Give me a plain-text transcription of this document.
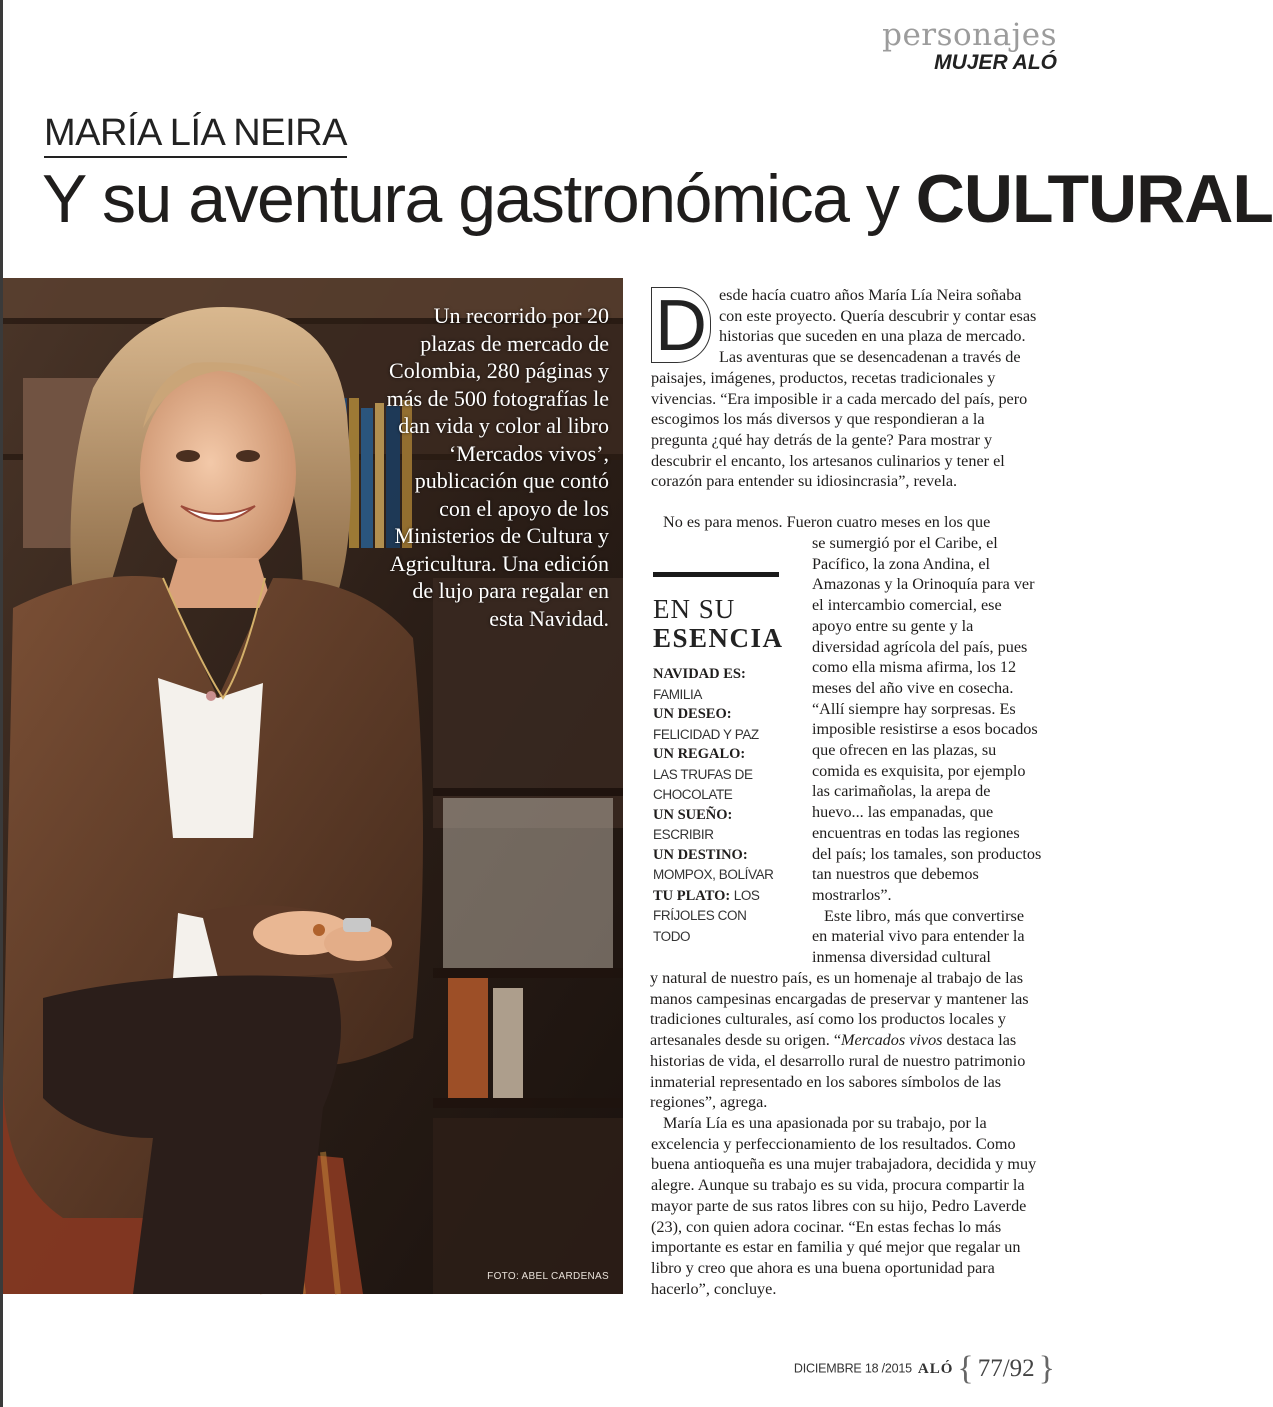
personajes
MUJER ALÓ
MARÍA LÍA NEIRA
Y su aventura gastronómica y CULTURAL
Un recorrido por 20 plazas de mercado de Colombia, 280 páginas y más de 500 fotografías le dan vida y color al libro ‘Mercados vivos’, publicación que contó con el apoyo de los Ministerios de Cultura y Agricultura. Una edición de lujo para regalar en esta Navidad.
FOTO: ABEL CARDENAS
D esde hacía cuatro años María Lía Neira soñaba con este proyecto. Quería descubrir y contar esas historias que suceden en una plaza de mercado. Las aventuras que se desencadenan a través de paisajes, imágenes, productos, recetas tradicionales y vivencias. “Era imposible ir a cada mercado del país, pero escogimos los más diversos y que respondieran a la pregunta ¿qué hay detrás de la gente? Para mostrar y descubrir el encanto, los artesanos culinarios y tener el corazón para entender su idiosincrasia”, revela.
No es para menos. Fueron cuatro meses en los que
se sumergió por el Caribe, el Pacífico, la zona Andina, el Amazonas y la Orinoquía para ver el intercambio comercial, ese apoyo entre su gente y la diversidad agrícola del país, pues como ella misma afirma, los 12 meses del año vive en cosecha. “Allí siempre hay sorpresas. Es imposible resistirse a esos bocados que ofrecen en las plazas, su comida es exquisita, por ejemplo las carimañolas, la arepa de huevo... las empanadas, que encuentras en todas las regiones del país; los tamales, son productos tan nuestros que debemos mostrarlos”.
Este libro, más que convertirse en material vivo para entender la inmensa diversidad cultural
y natural de nuestro país, es un homenaje al trabajo de las manos campesinas encargadas de preservar y mantener las tradiciones culturales, así como los productos locales y artesanales desde su origen. “Mercados vivos destaca las historias de vida, el desarrollo rural de nuestro patrimonio inmaterial representado en los sabores símbolos de las regiones”, agrega.
María Lía es una apasionada por su trabajo, por la excelencia y perfeccionamiento de los resultados. Como buena antioqueña es una mujer trabajadora, decidida y muy alegre. Aunque su trabajo es su vida, procura compartir la mayor parte de sus ratos libres con su hijo, Pedro Laverde (23), con quien adora cocinar. “En estas fechas lo más importante es estar en familia y qué mejor que regalar un libro y creo que ahora es una buena oportunidad para hacerlo”, concluye.
EN SU
ESENCIA
NAVIDAD ES:
FAMILIA
UN DESEO:
FELICIDAD Y PAZ
UN REGALO:
LAS TRUFAS DE CHOCOLATE
UN SUEÑO:
ESCRIBIR
UN DESTINO:
MOMPOX, BOLÍVAR
TU PLATO: LOS FRÍJOLES CON TODO
DICIEMBRE 18 /2015 ALÓ { 77/92 }
